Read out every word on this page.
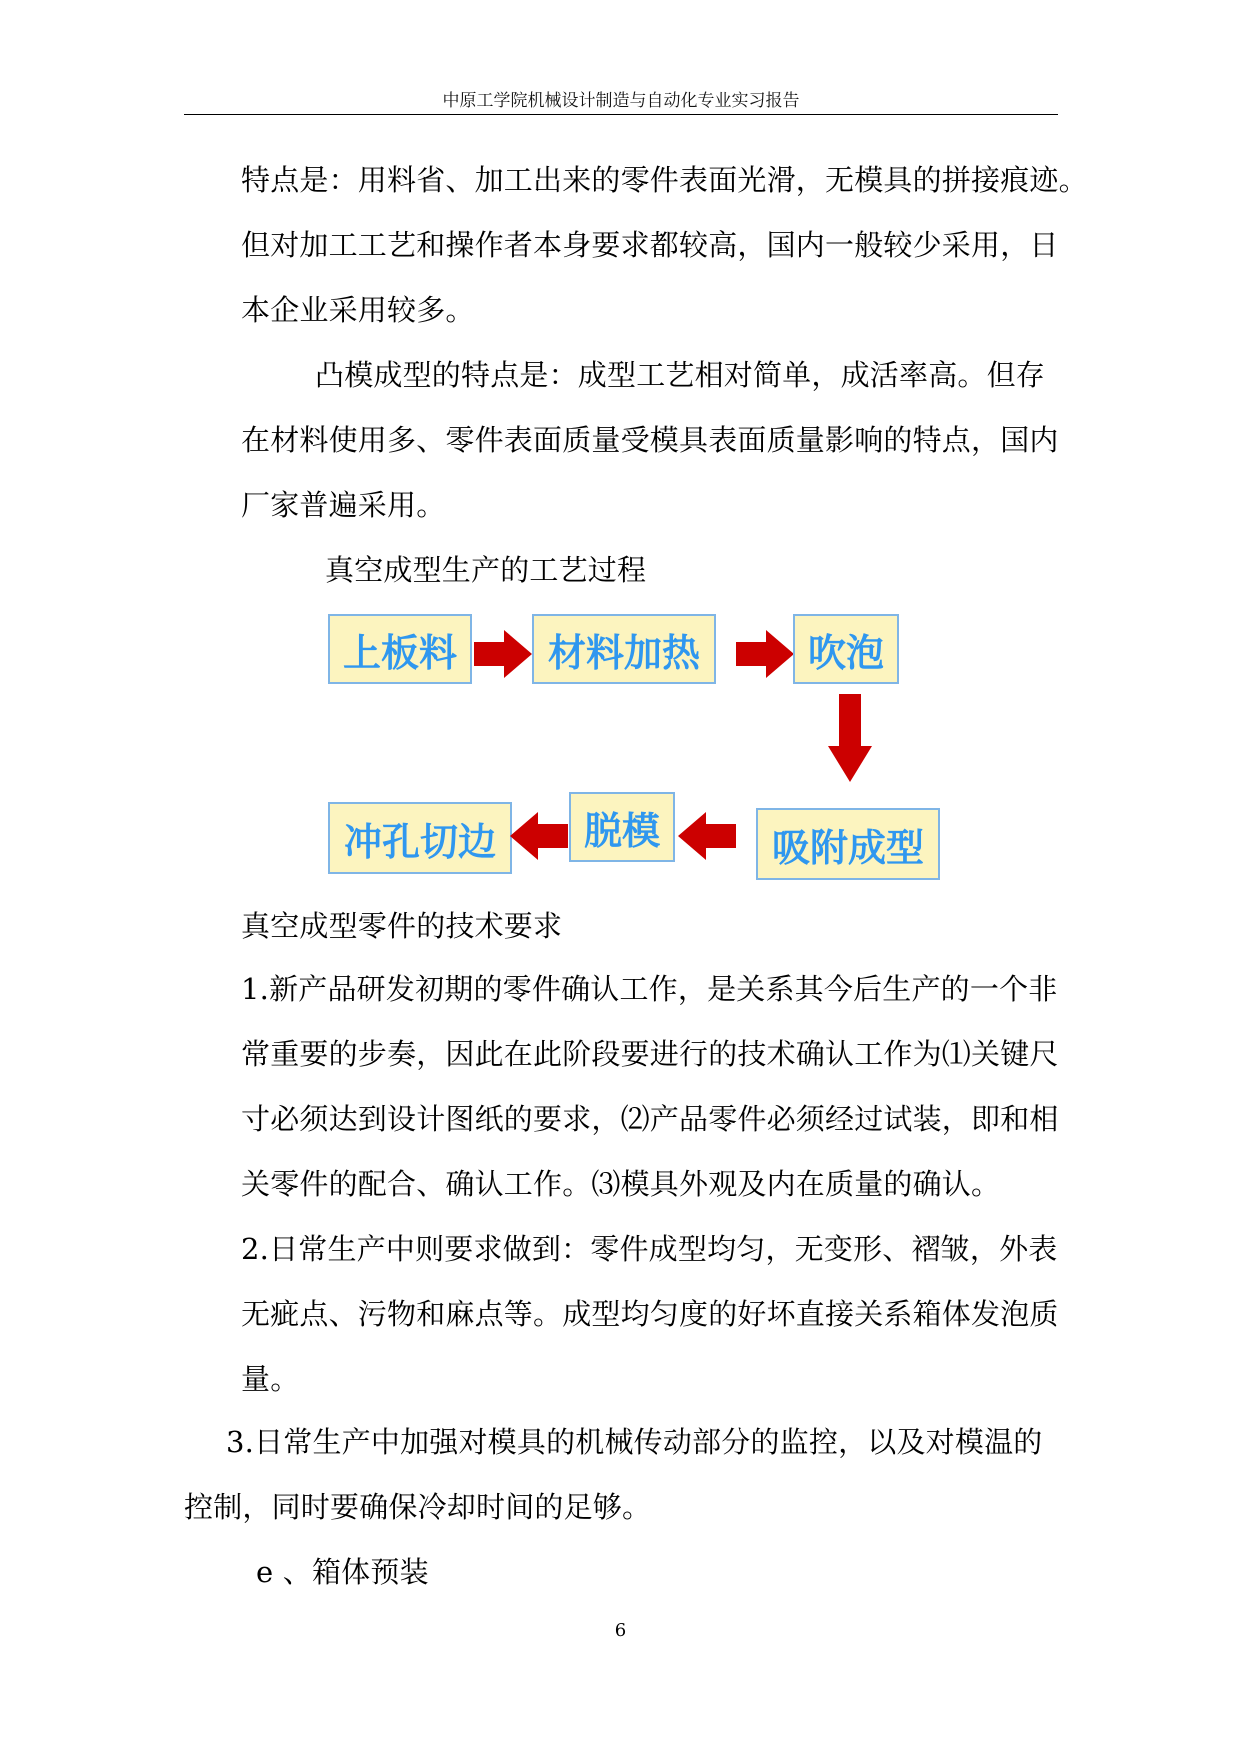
中原工学院机械设计制造与自动化专业实习报告
特点是：用料省、加工出来的零件表面光滑，无模具的拼接痕迹。
但对加工工艺和操作者本身要求都较高，国内一般较少采用，日
本企业采用较多。
凸模成型的特点是：成型工艺相对简单，成活率高。但存
在材料使用多、零件表面质量受模具表面质量影响的特点，国内
厂家普遍采用。
真空成型生产的工艺过程
上板料	材料加热	吹泡
冲孔切边	脱模	吸附成型
真空成型零件的技术要求
1.新产品研发初期的零件确认工作，是关系其今后生产的一个非
常重要的步奏，因此在此阶段要进行的技术确认工作为⑴关键尺
寸必须达到设计图纸的要求，⑵产品零件必须经过试装，即和相
关零件的配合、确认工作。⑶模具外观及内在质量的确认。
2.日常生产中则要求做到：零件成型均匀，无变形、褶皱，外表
无疵点、污物和麻点等。成型均匀度的好坏直接关系箱体发泡质
量。
3.日常生产中加强对模具的机械传动部分的监控，以及对模温的
控制，同时要确保冷却时间的足够。
e 、箱体预装
6
